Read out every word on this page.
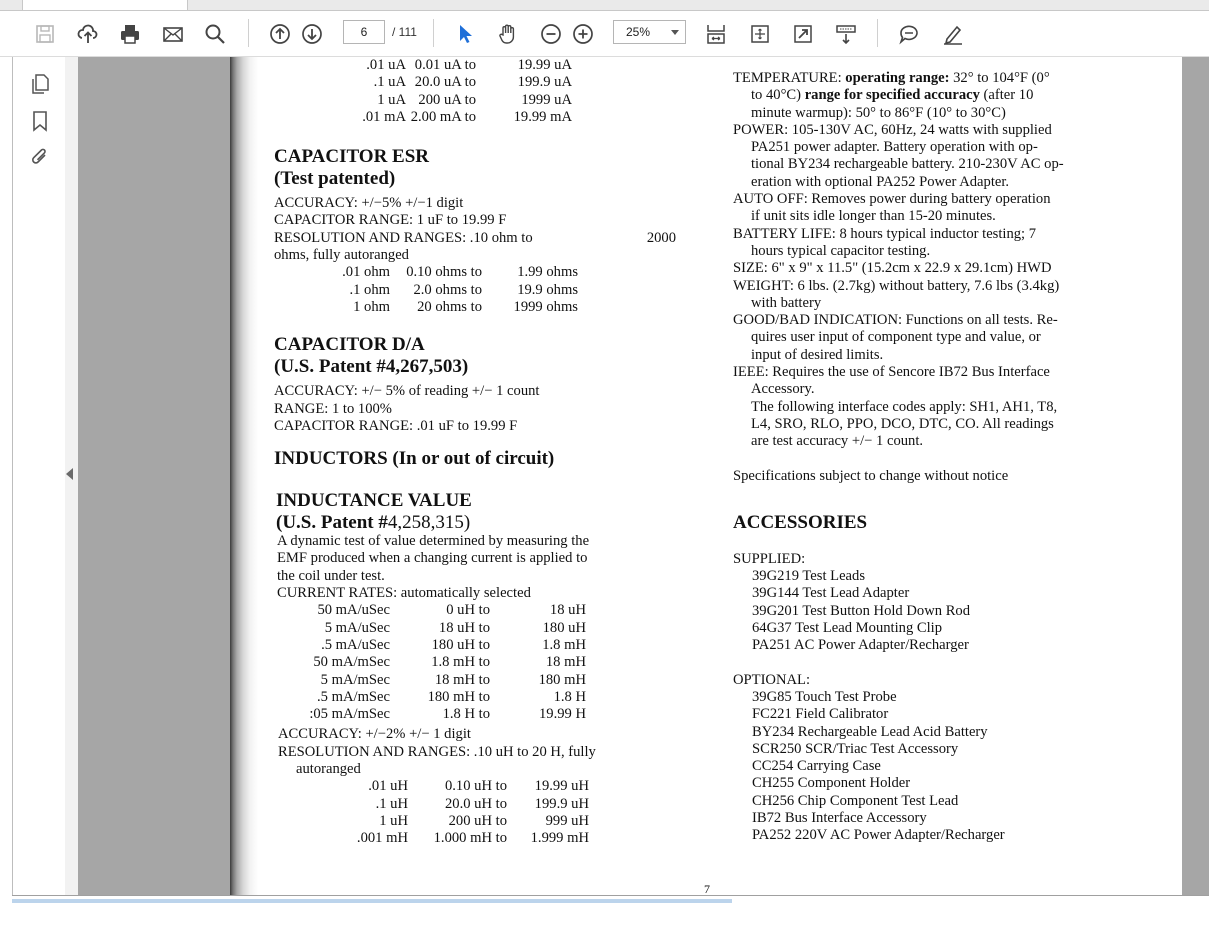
6	/ 111	25%
.01 uA	0.01 uA to	19.99 uA
.1 uA	20.0 uA to	199.9 uA
1 uA	200 uA to	1999 uA
.01 mA	2.00 mA to	19.99 mA
CAPACITOR ESR
(Test patented)
ACCURACY: +/−5% +/−1 digit
CAPACITOR RANGE: 1 uF to 19.99 F
RESOLUTION AND RANGES: .10 ohm to	2000
ohms, fully autoranged
.01 ohm	0.10 ohms to	1.99 ohms
.1 ohm	2.0 ohms to	19.9 ohms
1 ohm	20 ohms to	1999 ohms
CAPACITOR D/A
(U.S. Patent #4,267,503)
ACCURACY: +/− 5% of reading +/− 1 count
RANGE: 1 to 100%
CAPACITOR RANGE: .01 uF to 19.99 F
INDUCTORS (In or out of circuit)
INDUCTANCE VALUE
(U.S. Patent #4,258,315)
A dynamic test of value determined by measuring the
EMF produced when a changing current is applied to
the coil under test.
CURRENT RATES: automatically selected
50 mA/uSec	0 uH to	18 uH
5 mA/uSec	18 uH to	180 uH
.5 mA/uSec	180 uH to	1.8 mH
50 mA/mSec	1.8 mH to	18 mH
5 mA/mSec	18 mH to	180 mH
.5 mA/mSec	180 mH to	1.8 H
:05 mA/mSec	1.8 H to	19.99 H
ACCURACY: +/−2% +/− 1 digit
RESOLUTION AND RANGES: .10 uH to 20 H, fully
autoranged
.01 uH	0.10 uH to	19.99 uH
.1 uH	20.0 uH to	199.9 uH
1 uH	200 uH to	999 uH
.001 mH	1.000 mH to	1.999 mH
TEMPERATURE: operating range: 32° to 104°F (0°
to 40°C) range for specified accuracy (after 10
minute warmup): 50° to 86°F (10° to 30°C)
POWER: 105-130V AC, 60Hz, 24 watts with supplied
PA251 power adapter. Battery operation with op-
tional BY234 rechargeable battery. 210-230V AC op-
eration with optional PA252 Power Adapter.
AUTO OFF: Removes power during battery operation
if unit sits idle longer than 15-20 minutes.
BATTERY LIFE: 8 hours typical inductor testing; 7
hours typical capacitor testing.
SIZE: 6" x 9" x 11.5" (15.2cm x 22.9 x 29.1cm) HWD
WEIGHT: 6 lbs. (2.7kg) without battery, 7.6 lbs (3.4kg)
with battery
GOOD/BAD INDICATION: Functions on all tests. Re-
quires user input of component type and value, or
input of desired limits.
IEEE: Requires the use of Sencore IB72 Bus Interface
Accessory.
The following interface codes apply: SH1, AH1, T8,
L4, SRO, RLO, PPO, DCO, DTC, CO. All readings
are test accuracy +/− 1 count.
Specifications subject to change without notice
ACCESSORIES
SUPPLIED:
39G219 Test Leads
39G144 Test Lead Adapter
39G201 Test Button Hold Down Rod
64G37 Test Lead Mounting Clip
PA251 AC Power Adapter/Recharger
OPTIONAL:
39G85 Touch Test Probe
FC221 Field Calibrator
BY234 Rechargeable Lead Acid Battery
SCR250 SCR/Triac Test Accessory
CC254 Carrying Case
CH255 Component Holder
CH256 Chip Component Test Lead
IB72 Bus Interface Accessory
PA252 220V AC Power Adapter/Recharger
7
